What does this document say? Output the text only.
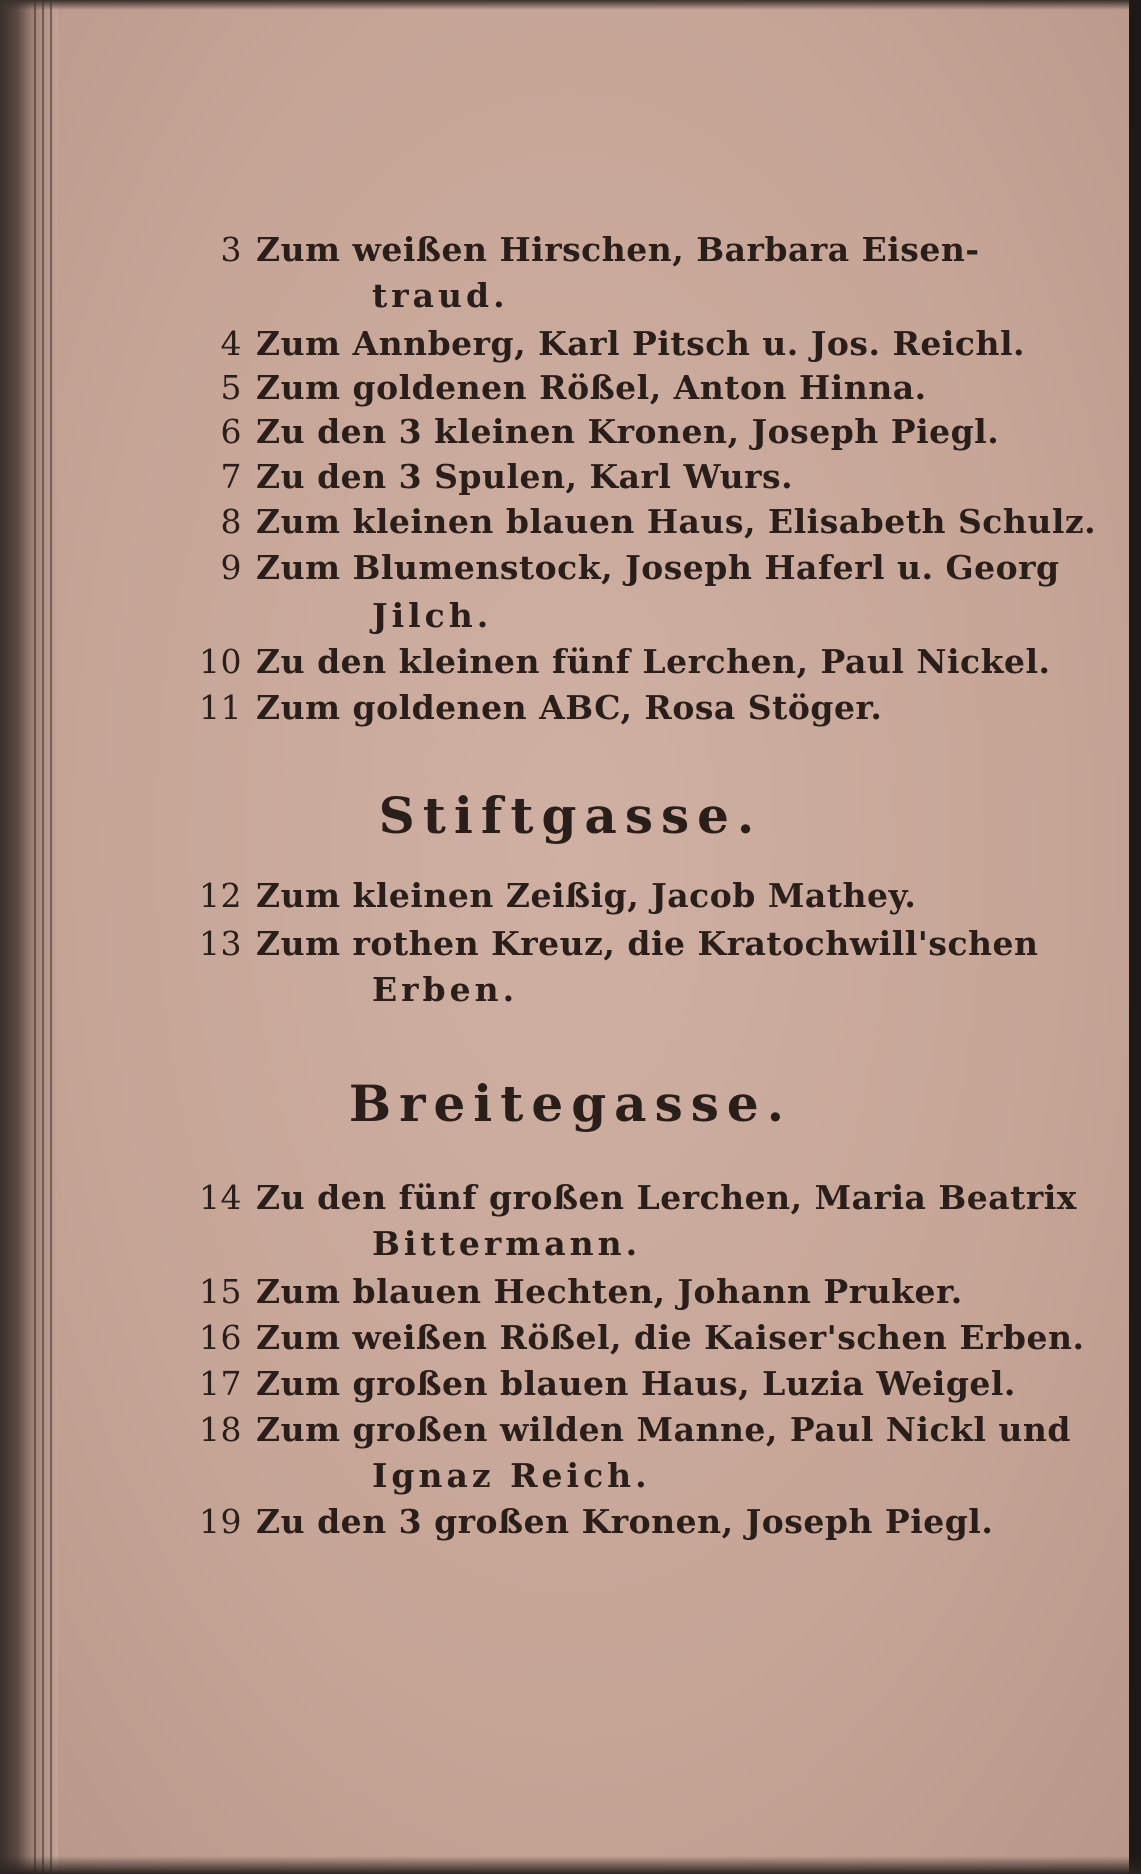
3 Zum weißen Hirschen, Barbara Eisen-
traud.
4 Zum Annberg, Karl Pitsch u. Jos. Reichl.
5 Zum goldenen Rößel, Anton Hinna.
6 Zu den 3 kleinen Kronen, Joseph Piegl.
7 Zu den 3 Spulen, Karl Wurs.
8 Zum kleinen blauen Haus, Elisabeth Schulz.
9 Zum Blumenstock, Joseph Haferl u. Georg
Jilch.
10 Zu den kleinen fünf Lerchen, Paul Nickel.
11 Zum goldenen ABC, Rosa Stöger.
Stiftgasse.
12 Zum kleinen Zeißig, Jacob Mathey.
13 Zum rothen Kreuz, die Kratochwill'schen
Erben.
Breitegasse.
14 Zu den fünf großen Lerchen, Maria Beatrix
Bittermann.
15 Zum blauen Hechten, Johann Pruker.
16 Zum weißen Rößel, die Kaiser'schen Erben.
17 Zum großen blauen Haus, Luzia Weigel.
18 Zum großen wilden Manne, Paul Nickl und
Ignaz Reich.
19 Zu den 3 großen Kronen, Joseph Piegl.
